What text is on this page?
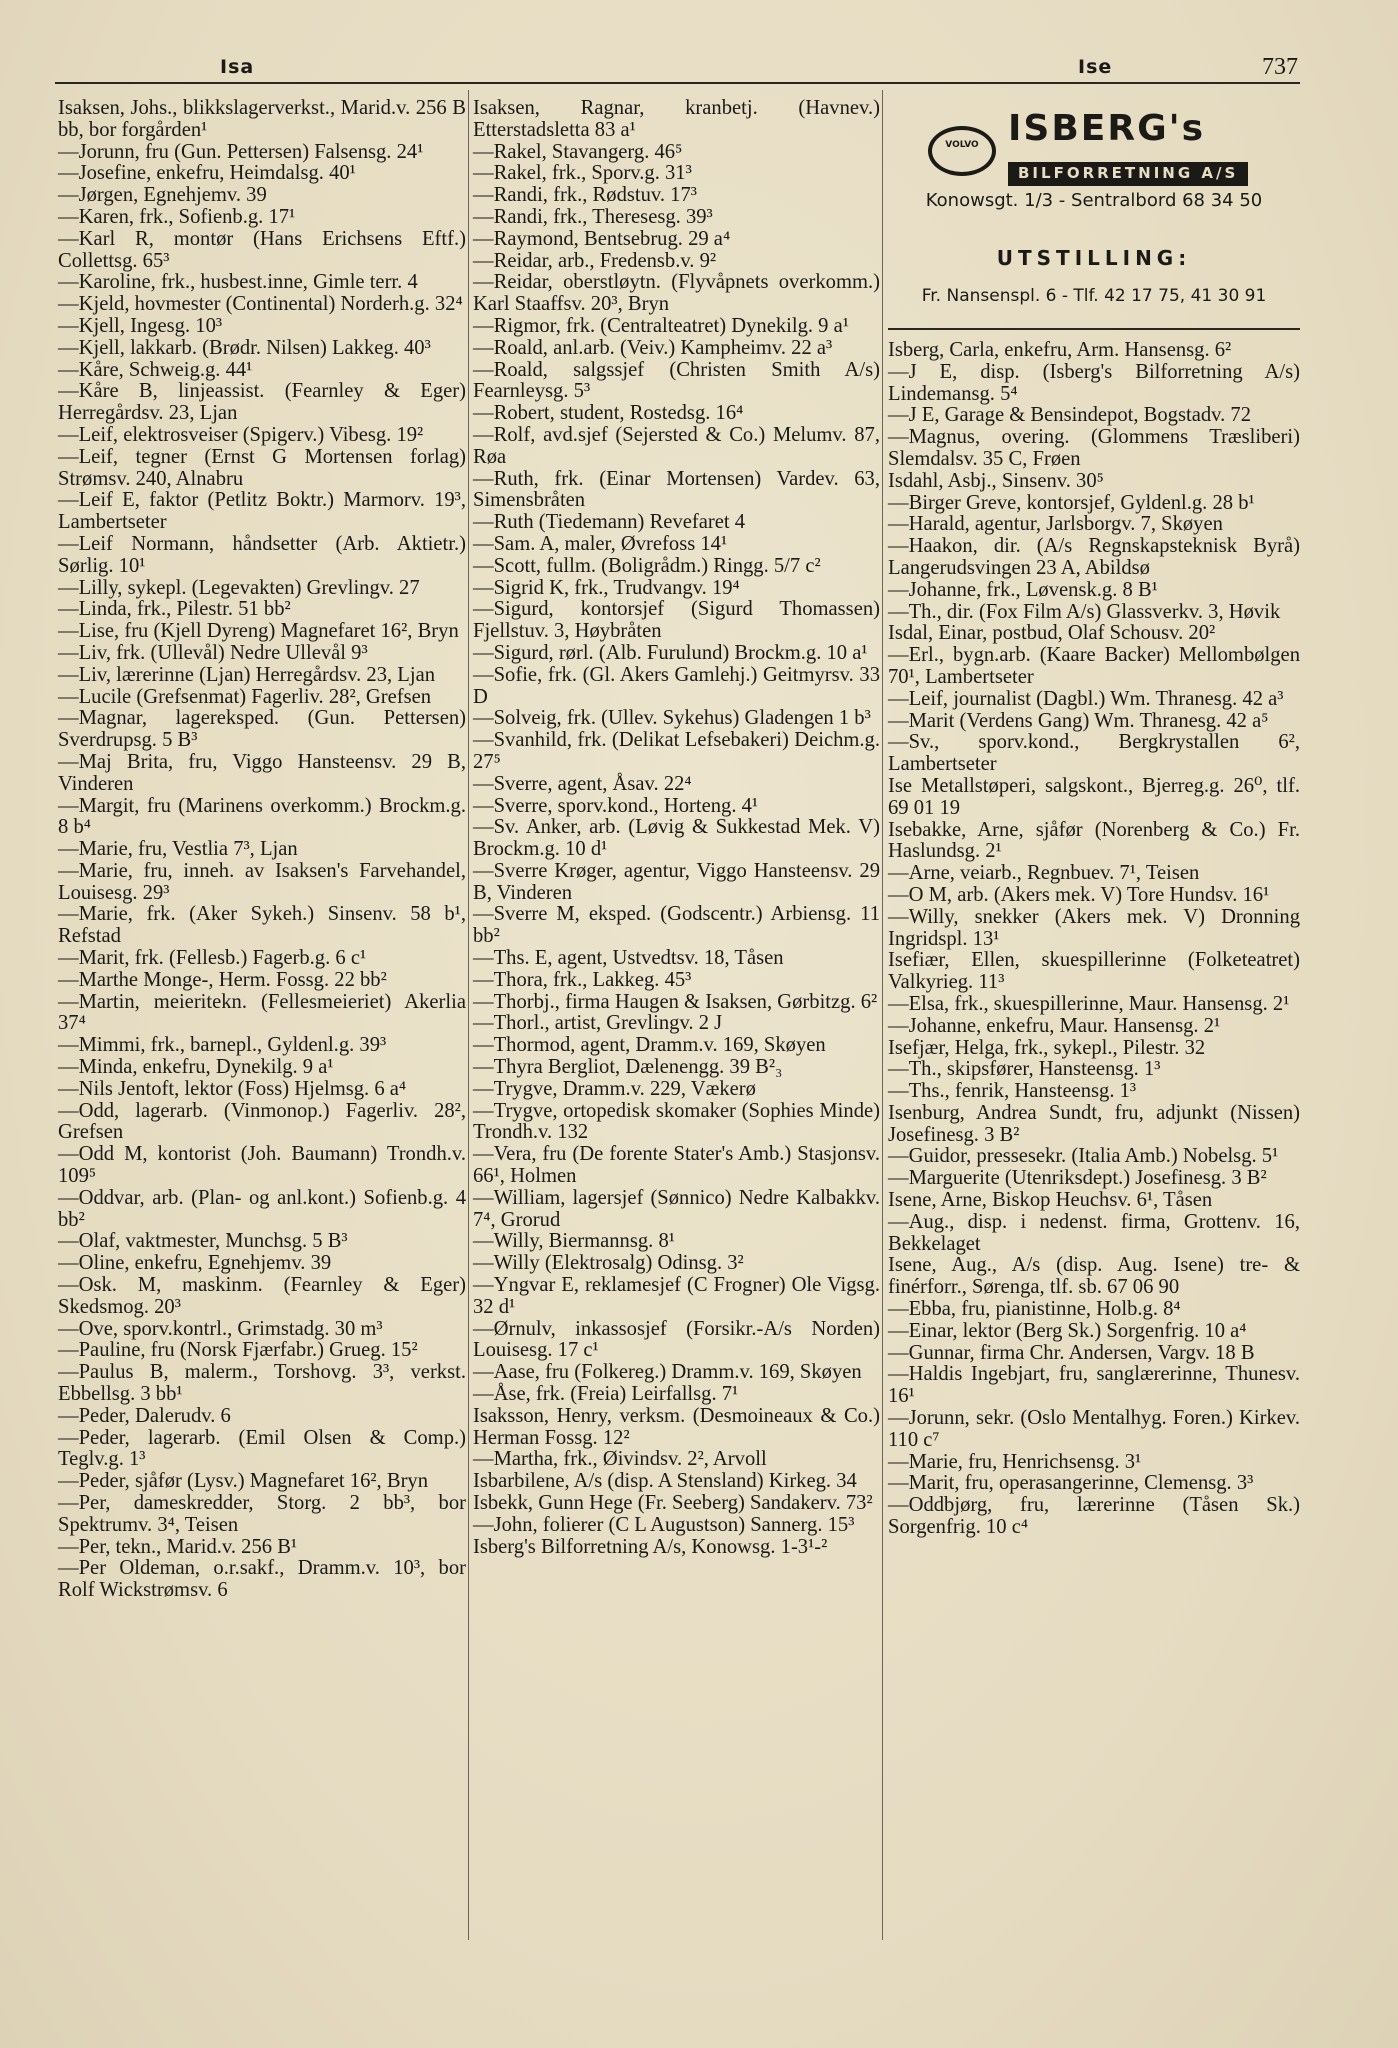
Isa	Ise	737
Isaksen, Johs., blikkslagerverkst., Marid.v. 256 B bb, bor forgården¹
—Jorunn, fru (Gun. Pettersen) Falsensg. 24¹
—Josefine, enkefru, Heimdalsg. 40¹
—Jørgen, Egnehjemv. 39
—Karen, frk., Sofienb.g. 17¹
—Karl R, montør (Hans Erichsens Eftf.) Collettsg. 65³
—Karoline, frk., husbest.inne, Gimle terr. 4
—Kjeld, hovmester (Continental) Norderh.g. 32⁴
—Kjell, Ingesg. 10³
—Kjell, lakkarb. (Brødr. Nilsen) Lakkeg. 40³
—Kåre, Schweig.g. 44¹
—Kåre B, linjeassist. (Fearnley & Eger) Herregårdsv. 23, Ljan
—Leif, elektrosveiser (Spigerv.) Vibesg. 19²
—Leif, tegner (Ernst G Mortensen forlag) Strømsv. 240, Alnabru
—Leif E, faktor (Petlitz Boktr.) Marmorv. 19³, Lambertseter
—Leif Normann, håndsetter (Arb. Aktietr.) Sørlig. 10¹
—Lilly, sykepl. (Legevakten) Grevlingv. 27
—Linda, frk., Pilestr. 51 bb²
—Lise, fru (Kjell Dyreng) Magnefaret 16², Bryn
—Liv, frk. (Ullevål) Nedre Ullevål 9³
—Liv, lærerinne (Ljan) Herregårdsv. 23, Ljan
—Lucile (Grefsenmat) Fagerliv. 28², Grefsen
—Magnar, lagereksped. (Gun. Pettersen) Sverdrupsg. 5 B³
—Maj Brita, fru, Viggo Hansteensv. 29 B, Vinderen
—Margit, fru (Marinens overkomm.) Brockm.g. 8 b⁴
—Marie, fru, Vestlia 7³, Ljan
—Marie, fru, inneh. av Isaksen's Farvehandel, Louisesg. 29³
—Marie, frk. (Aker Sykeh.) Sinsenv. 58 b¹, Refstad
—Marit, frk. (Fellesb.) Fagerb.g. 6 c¹
—Marthe Monge-, Herm. Fossg. 22 bb²
—Martin, meieritekn. (Fellesmeieriet) Akerlia 37⁴
—Mimmi, frk., barnepl., Gyldenl.g. 39³
—Minda, enkefru, Dynekilg. 9 a¹
—Nils Jentoft, lektor (Foss) Hjelmsg. 6 a⁴
—Odd, lagerarb. (Vinmonop.) Fagerliv. 28², Grefsen
—Odd M, kontorist (Joh. Baumann) Trondh.v. 109⁵
—Oddvar, arb. (Plan- og anl.kont.) Sofienb.g. 4 bb²
—Olaf, vaktmester, Munchsg. 5 B³
—Oline, enkefru, Egnehjemv. 39
—Osk. M, maskinm. (Fearnley & Eger) Skedsmog. 20³
—Ove, sporv.kontrl., Grimstadg. 30 m³
—Pauline, fru (Norsk Fjærfabr.) Grueg. 15²
—Paulus B, malerm., Torshovg. 3³, verkst. Ebbellsg. 3 bb¹
—Peder, Dalerudv. 6
—Peder, lagerarb. (Emil Olsen & Comp.) Teglv.g. 1³
—Peder, sjåfør (Lysv.) Magnefaret 16², Bryn
—Per, dameskredder, Storg. 2 bb³, bor Spektrumv. 3⁴, Teisen
—Per, tekn., Marid.v. 256 B¹
—Per Oldeman, o.r.sakf., Dramm.v. 10³, bor Rolf Wickstrømsv. 6
Isaksen, Ragnar, kranbetj. (Havnev.) Etterstadsletta 83 a¹
—Rakel, Stavangerg. 46⁵
—Rakel, frk., Sporv.g. 31³
—Randi, frk., Rødstuv. 17³
—Randi, frk., Theresesg. 39³
—Raymond, Bentsebrug. 29 a⁴
—Reidar, arb., Fredensb.v. 9²
—Reidar, oberstløytn. (Flyvåpnets overkomm.) Karl Staaffsv. 20³, Bryn
—Rigmor, frk. (Centralteatret) Dynekilg. 9 a¹
—Roald, anl.arb. (Veiv.) Kampheimv. 22 a³
—Roald, salgssjef (Christen Smith A/s) Fearnleysg. 5³
—Robert, student, Rostedsg. 16⁴
—Rolf, avd.sjef (Sejersted & Co.) Melumv. 87, Røa
—Ruth, frk. (Einar Mortensen) Vardev. 63, Simensbråten
—Ruth (Tiedemann) Revefaret 4
—Sam. A, maler, Øvrefoss 14¹
—Scott, fullm. (Boligrådm.) Ringg. 5/7 c²
—Sigrid K, frk., Trudvangv. 19⁴
—Sigurd, kontorsjef (Sigurd Thomassen) Fjellstuv. 3, Høybråten
—Sigurd, rørl. (Alb. Furulund) Brockm.g. 10 a¹
—Sofie, frk. (Gl. Akers Gamlehj.) Geitmyrsv. 33 D
—Solveig, frk. (Ullev. Sykehus) Gladengen 1 b³
—Svanhild, frk. (Delikat Lefsebakeri) Deichm.g. 27⁵
—Sverre, agent, Åsav. 22⁴
—Sverre, sporv.kond., Horteng. 4¹
—Sv. Anker, arb. (Løvig & Sukkestad Mek. V) Brockm.g. 10 d¹
—Sverre Krøger, agentur, Viggo Hansteensv. 29 B, Vinderen
—Sverre M, eksped. (Godscentr.) Arbiensg. 11 bb²
—Ths. E, agent, Ustvedtsv. 18, Tåsen
—Thora, frk., Lakkeg. 45³
—Thorbj., firma Haugen & Isaksen, Gørbitzg. 6²
—Thorl., artist, Grevlingv. 2 J
—Thormod, agent, Dramm.v. 169, Skøyen
—Thyra Bergliot, Dælenengg. 39 B²₃
—Trygve, Dramm.v. 229, Vækerø
—Trygve, ortopedisk skomaker (Sophies Minde) Trondh.v. 132
—Vera, fru (De forente Stater's Amb.) Stasjonsv. 66¹, Holmen
—William, lagersjef (Sønnico) Nedre Kalbakkv. 7⁴, Grorud
—Willy, Biermannsg. 8¹
—Willy (Elektrosalg) Odinsg. 3²
—Yngvar E, reklamesjef (C Frogner) Ole Vigsg. 32 d¹
—Ørnulv, inkassosjef (Forsikr.-A/s Norden) Louisesg. 17 c¹
—Aase, fru (Folkereg.) Dramm.v. 169, Skøyen
—Åse, frk. (Freia) Leirfallsg. 7¹
Isaksson, Henry, verksm. (Desmoineaux & Co.) Herman Fossg. 12²
—Martha, frk., Øivindsv. 2², Arvoll
Isbarbilene, A/s (disp. A Stensland) Kirkeg. 34
Isbekk, Gunn Hege (Fr. Seeberg) Sandakerv. 73²
—John, folierer (C L Augustson) Sannerg. 15³
Isberg's Bilforretning A/s, Konowsg. 1-3¹-²
VOLVO ISBERG's
BILFORRETNING A/S
Konowsgt. 1/3 - Sentralbord 68 34 50
UTSTILLING:
Fr. Nansenspl. 6 - Tlf. 42 17 75, 41 30 91
Isberg, Carla, enkefru, Arm. Hansensg. 6²
—J E, disp. (Isberg's Bilforretning A/s) Lindemansg. 5⁴
—J E, Garage & Bensindepot, Bogstadv. 72
—Magnus, overing. (Glommens Træsliberi) Slemdalsv. 35 C, Frøen
Isdahl, Asbj., Sinsenv. 30⁵
—Birger Greve, kontorsjef, Gyldenl.g. 28 b¹
—Harald, agentur, Jarlsborgv. 7, Skøyen
—Haakon, dir. (A/s Regnskapsteknisk Byrå) Langerudsvingen 23 A, Abildsø
—Johanne, frk., Løvensk.g. 8 B¹
—Th., dir. (Fox Film A/s) Glassverkv. 3, Høvik
Isdal, Einar, postbud, Olaf Schousv. 20²
—Erl., bygn.arb. (Kaare Backer) Mellombølgen 70¹, Lambertseter
—Leif, journalist (Dagbl.) Wm. Thranesg. 42 a³
—Marit (Verdens Gang) Wm. Thranesg. 42 a⁵
—Sv., sporv.kond., Bergkrystallen 6², Lambertseter
Ise Metallstøperi, salgskont., Bjerreg.g. 26⁰, tlf. 69 01 19
Isebakke, Arne, sjåfør (Norenberg & Co.) Fr. Haslundsg. 2¹
—Arne, veiarb., Regnbuev. 7¹, Teisen
—O M, arb. (Akers mek. V) Tore Hundsv. 16¹
—Willy, snekker (Akers mek. V) Dronning Ingridspl. 13¹
Isefiær, Ellen, skuespillerinne (Folketeatret) Valkyrieg. 11³
—Elsa, frk., skuespillerinne, Maur. Hansensg. 2¹
—Johanne, enkefru, Maur. Hansensg. 2¹
Isefjær, Helga, frk., sykepl., Pilestr. 32
—Th., skipsfører, Hansteensg. 1³
—Ths., fenrik, Hansteensg. 1³
Isenburg, Andrea Sundt, fru, adjunkt (Nissen) Josefinesg. 3 B²
—Guidor, pressesekr. (Italia Amb.) Nobelsg. 5¹
—Marguerite (Utenriksdept.) Josefinesg. 3 B²
Isene, Arne, Biskop Heuchsv. 6¹, Tåsen
—Aug., disp. i nedenst. firma, Grottenv. 16, Bekkelaget
Isene, Aug., A/s (disp. Aug. Isene) tre- & finérforr., Sørenga, tlf. sb. 67 06 90
—Ebba, fru, pianistinne, Holb.g. 8⁴
—Einar, lektor (Berg Sk.) Sorgenfrig. 10 a⁴
—Gunnar, firma Chr. Andersen, Vargv. 18 B
—Haldis Ingebjart, fru, sanglærerinne, Thunesv. 16¹
—Jorunn, sekr. (Oslo Mentalhyg. Foren.) Kirkev. 110 c⁷
—Marie, fru, Henrichsensg. 3¹
—Marit, fru, operasangerinne, Clemensg. 3³
—Oddbjørg, fru, lærerinne (Tåsen Sk.) Sorgenfrig. 10 c⁴
